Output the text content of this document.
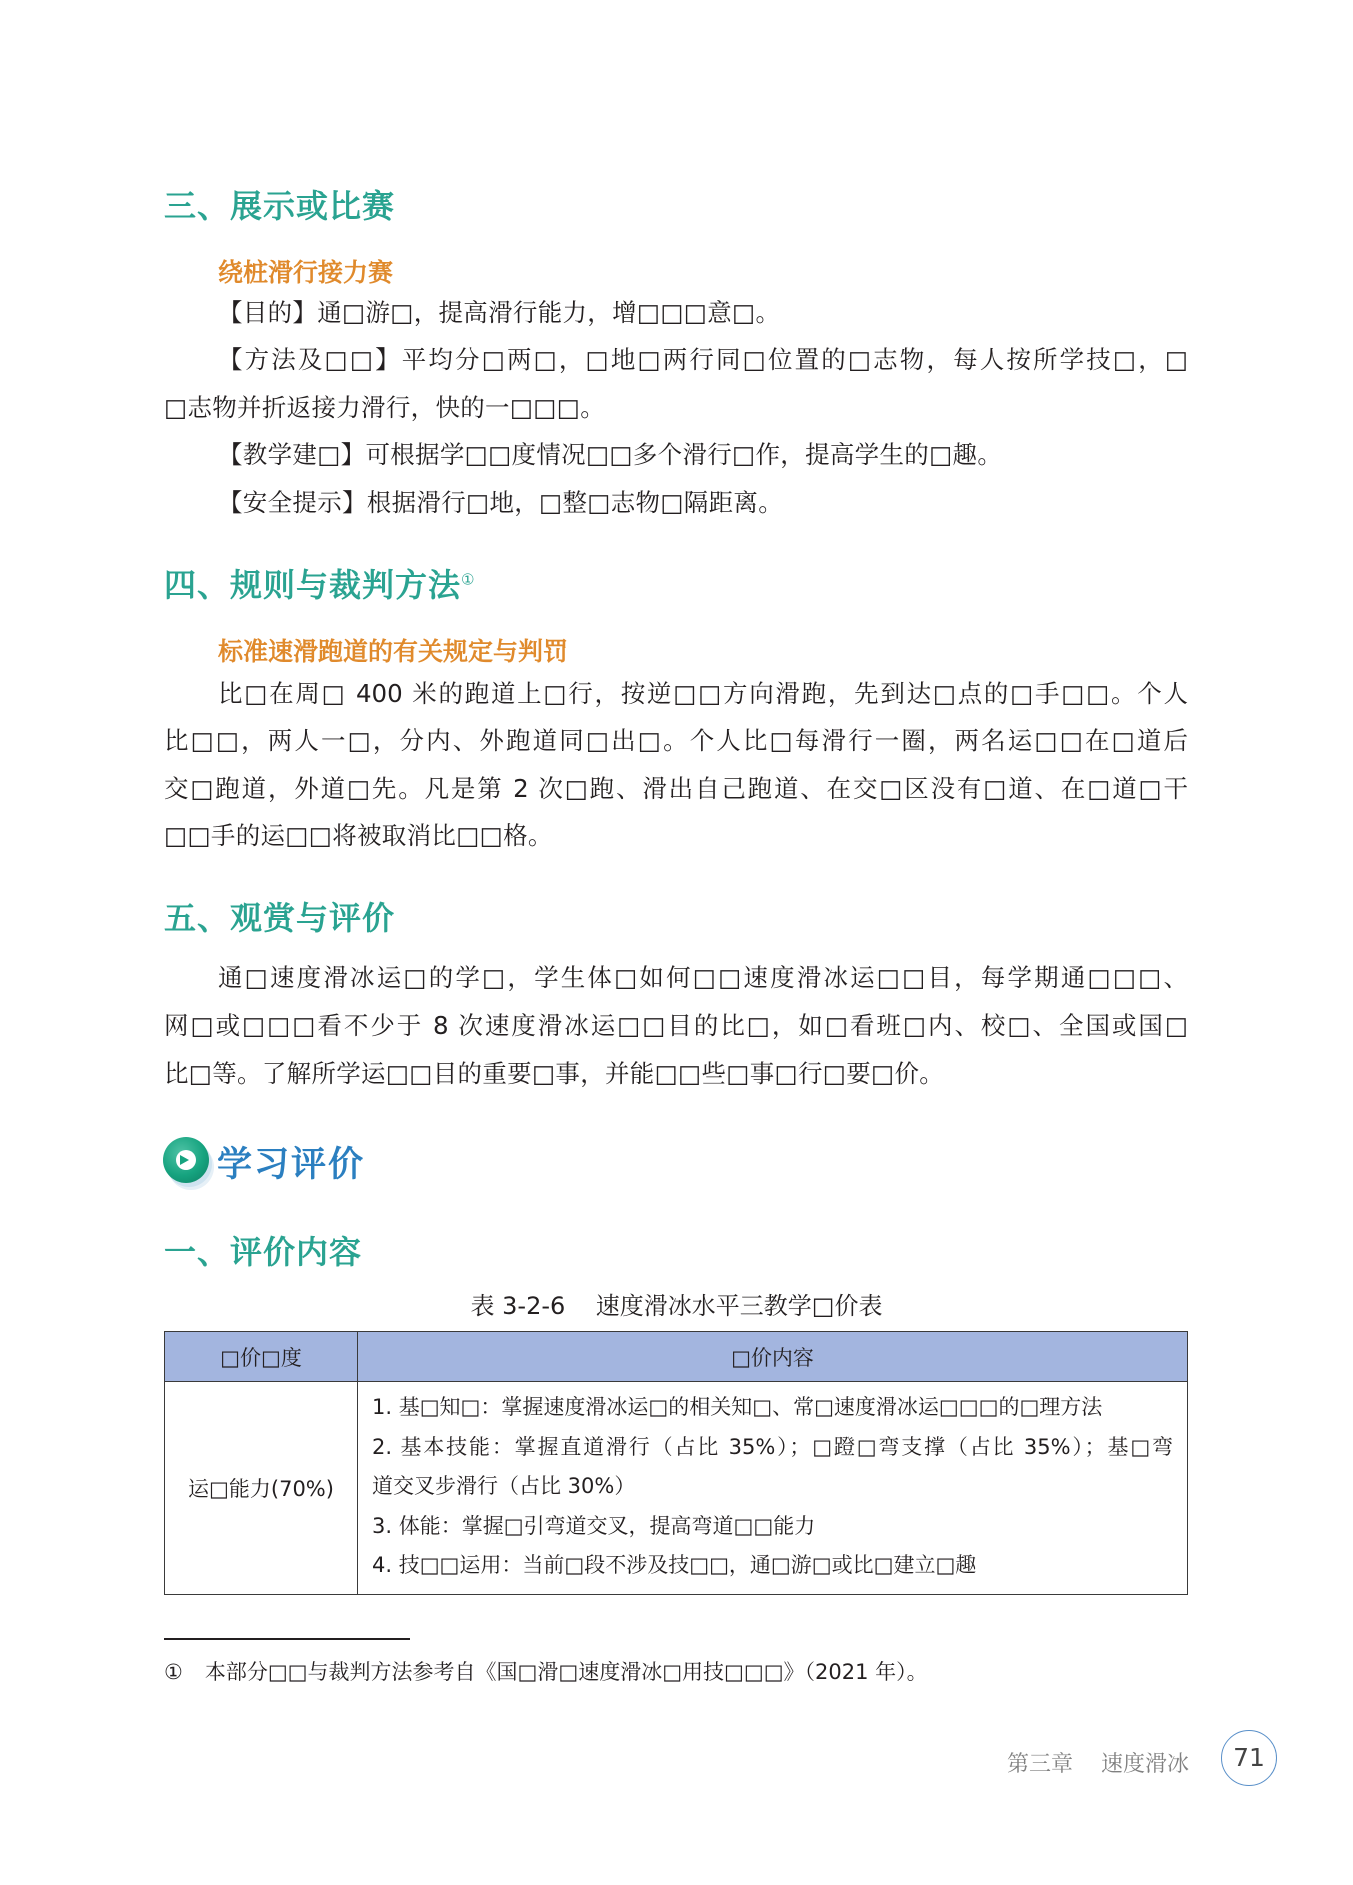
三、展示或比赛
绕桩滑行接力赛

【目的】通□游□，提高滑行能力，增□□□意□。

【方法及□□】平均分□两□，□地□两行同□位置的□志物，每人按所学技□，□

□志物并折返接力滑行，快的一□□□。

【教学建□】可根据学□□度情况□□多个滑行□作，提高学生的□趣。

【安全提示】根据滑行□地，□整□志物□隔距离。

四、规则与裁判方法①
标准速滑跑道的有关规定与判罚

比□在周□ 400 米的跑道上□行，按逆□□方向滑跑，先到达□点的□手□□。个人

比□□，两人一□，分内、外跑道同□出□。个人比□每滑行一圈，两名运□□在□道后

交□跑道，外道□先。凡是第 2 次□跑、滑出自己跑道、在交□区没有□道、在□道□干

□□手的运□□将被取消比□□格。

五、观赏与评价

通□速度滑冰运□的学□，学生体□如何□□速度滑冰运□□目，每学期通□□□、

网□或□□□看不少于 8 次速度滑冰运□□目的比□，如□看班□内、校□、全国或国□

比□等。了解所学运□□目的重要□事，并能□□些□事□行□要□价。

学习评价
一、评价内容
表 3-2-6    速度滑冰水平三教学□价表
□价□度	□价内容
运□能力(70%)	1. 基□知□：掌握速度滑冰运□的相关知□、常□速度滑冰运□□□的□理方法
2. 基本技能：掌握直道滑行（占比 35%）；□蹬□弯支撑（占比 35%）；基□弯
道交叉步滑行（占比 30%）
3. 体能：掌握□引弯道交叉，提高弯道□□能力
4. 技□□运用：当前□段不涉及技□□，通□游□或比□建立□趣
① 本部分□□与裁判方法参考自《国□滑□速度滑冰□用技□□□》（2021 年）。
第三章    速度滑冰	71
